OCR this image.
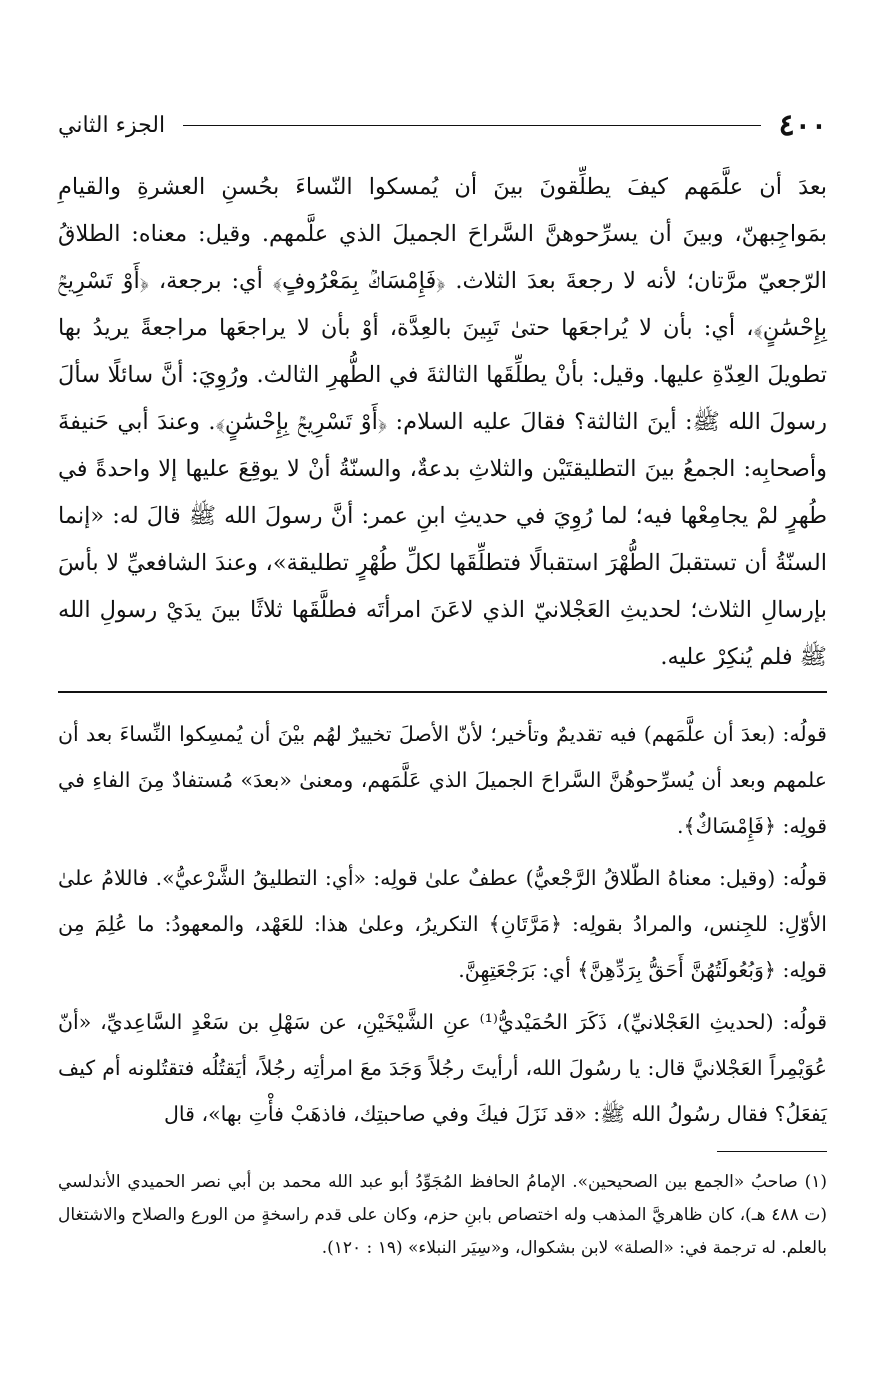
٤٠٠
الجزء الثاني

بعدَ أن علَّمَهم كيفَ يطلِّقونَ بينَ أن يُمسكوا النّساءَ بحُسنِ العشرةِ والقيامِ بمَواجِبهنّ، وبينَ أن يسرِّحوهنَّ السَّراحَ الجميلَ الذي علَّمهم. وقيل: معناه: الطلاقُ الرّجعيّ مرَّتان؛ لأنه لا رجعةَ بعدَ الثلاث. ﴿فَإِمْسَاكُۢ بِمَعْرُوفٍ﴾ أي: برجعة، ﴿أَوْ تَسْرِيحُۢ بِإِحْسَٰنٍ﴾، أي: بأن لا يُراجعَها حتىٰ تَبِينَ بالعِدَّة، أوْ بأن لا يراجعَها مراجعةً يريدُ بها تطويلَ العِدّةِ عليها. وقيل: بأنْ يطلِّقَها الثالثةَ في الطُّهرِ الثالث. ورُوِيَ: أنَّ سائلًا سألَ رسولَ الله ﷺ: أينَ الثالثة؟ فقالَ عليه السلام: ﴿أَوْ تَسْرِيحُۢ بِإِحْسَٰنٍ﴾. وعندَ أبي حَنيفةَ وأصحابِه: الجمعُ بينَ التطليقتَيْن والثلاثِ بدعةٌ، والسنّةُ أنْ لا يوقِعَ عليها إلا واحدةً في طُهرٍ لمْ يجامِعْها فيه؛ لما رُوِيَ في حديثِ ابنِ عمر: أنَّ رسولَ الله ﷺ قالَ له: «إنما السنّةُ أن تستقبلَ الطُّهْرَ استقبالًا فتطلِّقَها لكلِّ طُهْرٍ تطليقة»، وعندَ الشافعيِّ لا بأسَ بإرسالِ الثلاث؛ لحديثِ العَجْلانيّ الذي لاعَنَ امرأتَه فطلَّقَها ثلاثًا بينَ يدَيْ رسولِ الله ﷺ فلم يُنكِرْ عليه.

قولُه: (بعدَ أن علَّمَهم) فيه تقديمٌ وتأخير؛ لأنّ الأصلَ تخييرٌ لهُم بيْنَ أن يُمسِكوا النِّساءَ بعد أن علمهم وبعد أن يُسرِّحوهُنَّ السَّراحَ الجميلَ الذي عَلَّمَهم، ومعنىٰ «بعدَ» مُستفادٌ مِنَ الفاءِ في قولِه: ﴿فَإِمْسَاكٌ﴾.

قولُه: (وقيل: معناهُ الطّلاقُ الرَّجْعيُّ) عطفٌ علىٰ قولِه: «أي: التطليقُ الشَّرْعيُّ». فاللامُ علىٰ الأوّلِ: للجِنس، والمرادُ بقولِه: ﴿مَرَّتَانِ﴾ التكريرُ، وعلىٰ هذا: للعَهْد، والمعهودُ: ما عُلِمَ مِن قولِه: ﴿وَبُعُولَتُهُنَّ أَحَقُّ بِرَدِّهِنَّ﴾ أي: بَرَجْعَتِهِنَّ.

قولُه: (لحديثِ العَجْلانيِّ)، ذَكَرَ الحُمَيْديُّ⁽¹⁾ عنِ الشَّيْخَيْنِ، عن سَهْلِ بن سَعْدٍ السَّاعِديِّ، «أنّ عُوَيْمِراً العَجْلانيَّ قال: يا رسُولَ الله، أرأيتَ رجُلاً وَجَدَ معَ امرأتِه رجُلاً، أيَقتُلُه فتقتُلونه أم كيف يَفعَلُ؟ فقال رسُولُ الله ﷺ: «قد نَزَلَ فيكَ وفي صاحبتِك، فاذهَبْ فأْتِ بها»، قال

(١) صاحبُ «الجمع بين الصحيحين». الإمامُ الحافظ المُجَوِّدُ أبو عبد الله محمد بن أبي نصر الحميدي الأندلسي (ت ٤٨٨ هـ)، كان ظاهريَّ المذهب وله اختصاص بابنِ حزم، وكان على قدم راسخةٍ من الورع والصلاح والاشتغال بالعلم. له ترجمة في: «الصلة» لابن بشكوال، و«سِيَر النبلاء» (١٩ : ١٢٠).
